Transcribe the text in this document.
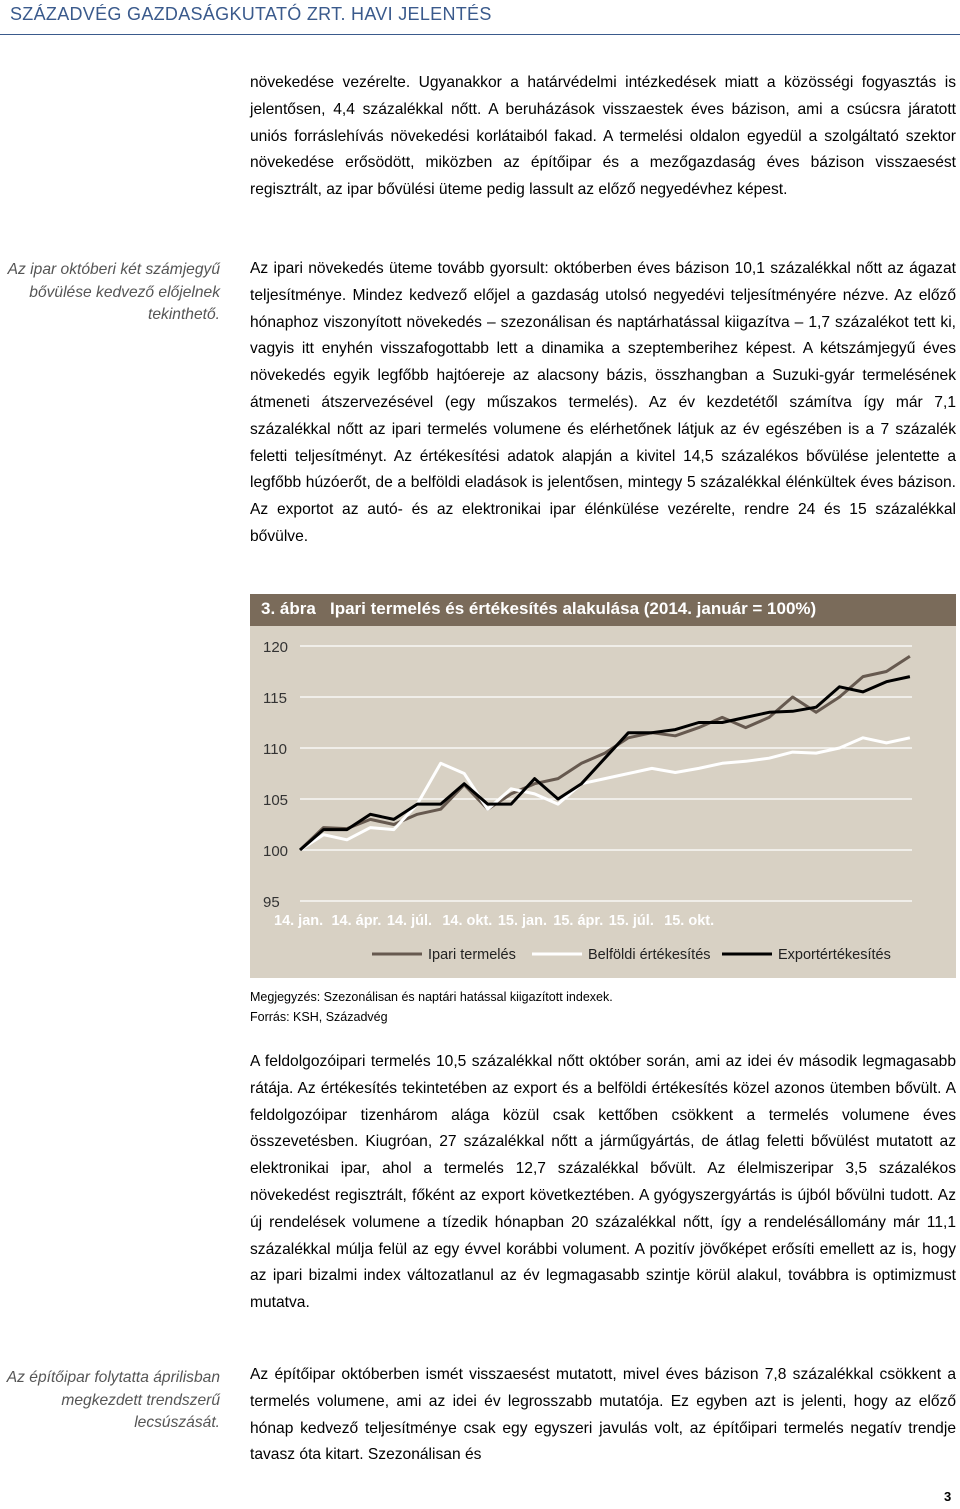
SZÁZADVÉG GAZDASÁGKUTATÓ ZRT. HAVI JELENTÉS

növekedése vezérelte. Ugyanakkor a határvédelmi intézkedések miatt a közösségi fogyasztás is jelentősen, 4,4 százalékkal nőtt. A beruházások visszaestek éves bázison, ami a csúcsra járatott uniós forráslehívás növekedési korlátaiból fakad. A termelési oldalon egyedül a szolgáltató szektor növekedése erősödött, miközben az építőipar és a mezőgazdaság éves bázison visszaesést regisztrált, az ipar bővülési üteme pedig lassult az előző negyedévhez képest.

Az ipar októberi két számjegyű bővülése kedvező előjelnek tekinthető.

Az ipari növekedés üteme tovább gyorsult: októberben éves bázison 10,1 százalékkal nőtt az ágazat teljesítménye. Mindez kedvező előjel a gazdaság utolsó negyedévi teljesítményére nézve. Az előző hónaphoz viszonyított növekedés – szezonálisan és naptárhatással kiigazítva – 1,7 százalékot tett ki, vagyis itt enyhén visszafogottabb lett a dinamika a szeptemberihez képest. A kétszámjegyű éves növekedés egyik legfőbb hajtóereje az alacsony bázis, összhangban a Suzuki-gyár termelésének átmeneti átszervezésével (egy műszakos termelés). Az év kezdetétől számítva így már 7,1 százalékkal nőtt az ipari termelés volumene és elérhetőnek látjuk az év egészében is a 7 százalék feletti teljesítményt. Az értékesítési adatok alapján a kivitel 14,5 százalékos bővülése jelentette a legfőbb húzóerőt, de a belföldi eladások is jelentősen, mintegy 5 százalékkal élénkültek éves bázison. Az exportot az autó- és az elektronikai ipar élénkülése vezérelte, rendre 24 és 15 százalékkal bővülve.

3. ábra Ipari termelés és értékesítés alakulása (2014. január = 100%)
95
100
105
110
115
120
14. jan. 14. ápr. 14. júl. 14. okt. 15. jan. 15. ápr. 15. júl. 15. okt.
Ipari termelés	Belföldi értékesítés	Exportértékesítés
Megjegyzés: Szezonálisan és naptári hatással kiigazított indexek.
Forrás: KSH, Századvég

A feldolgozóipari termelés 10,5 százalékkal nőtt október során, ami az idei év második legmagasabb rátája. Az értékesítés tekintetében az export és a belföldi értékesítés közel azonos ütemben bővült. A feldolgozóipar tizenhárom alága közül csak kettőben csökkent a termelés volumene éves összevetésben. Kiugróan, 27 százalékkal nőtt a járműgyártás, de átlag feletti bővülést mutatott az elektronikai ipar, ahol a termelés 12,7 százalékkal bővült. Az élelmiszeripar 3,5 százalékos növekedést regisztrált, főként az export következtében. A gyógyszergyártás is újból bővülni tudott. Az új rendelések volumene a tízedik hónapban 20 százalékkal nőtt, így a rendelésállomány már 11,1 százalékkal múlja felül az egy évvel korábbi volument. A pozitív jövőképet erősíti emellett az is, hogy az ipari bizalmi index változatlanul az év legmagasabb szintje körül alakul, továbbra is optimizmust mutatva.

Az építőipar folytatta áprilisban megkezdett trendszerű lecsúszását.

Az építőipar októberben ismét visszaesést mutatott, mivel éves bázison 7,8 százalékkal csökkent a termelés volumene, ami az idei év legrosszabb mutatója. Ez egyben azt is jelenti, hogy az előző hónap kedvező teljesítménye csak egy egyszeri javulás volt, az építőipari termelés negatív trendje tavasz óta kitart. Szezonálisan és

3
